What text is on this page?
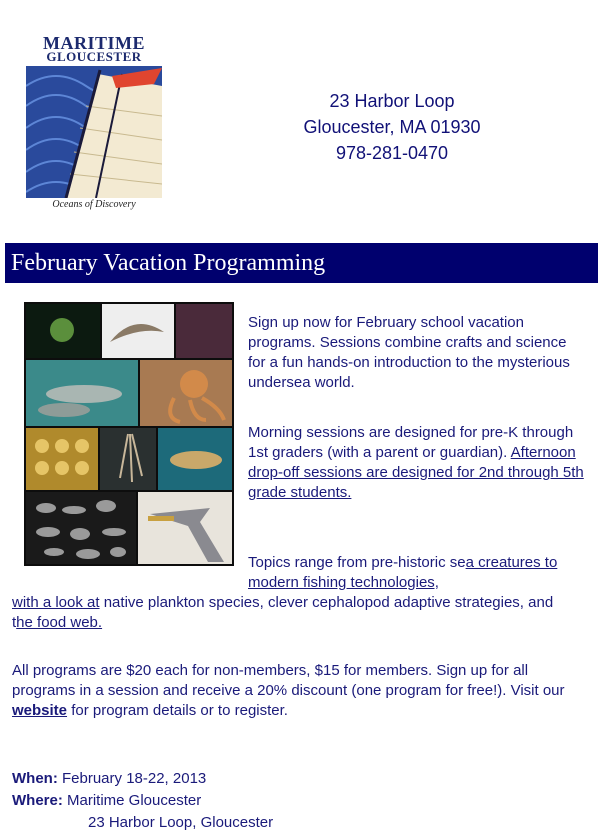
MARITIME
GLOUCESTER
Oceans of Discovery
23 Harbor Loop
Gloucester, MA 01930
978-281-0470
February Vacation Programming
Sign up now for February school vacation programs. Sessions combine crafts and science for a fun hands-on introduction to the mysterious undersea world.
Morning sessions are designed for pre-K through 1st graders (with a parent or guardian). Afternoon drop-off sessions are designed for 2nd through 5th grade students.
Topics range from pre-historic sea creatures to modern fishing technologies,
with a look at native plankton species, clever cephalopod adaptive strategies, and the food web.
All programs are $20 each for non-members, $15 for members. Sign up for all programs in a session and receive a 20% discount (one program for free!). Visit our website for program details or to register.
When: February 18-22, 2013
Where: Maritime Gloucester
23 Harbor Loop, Gloucester
